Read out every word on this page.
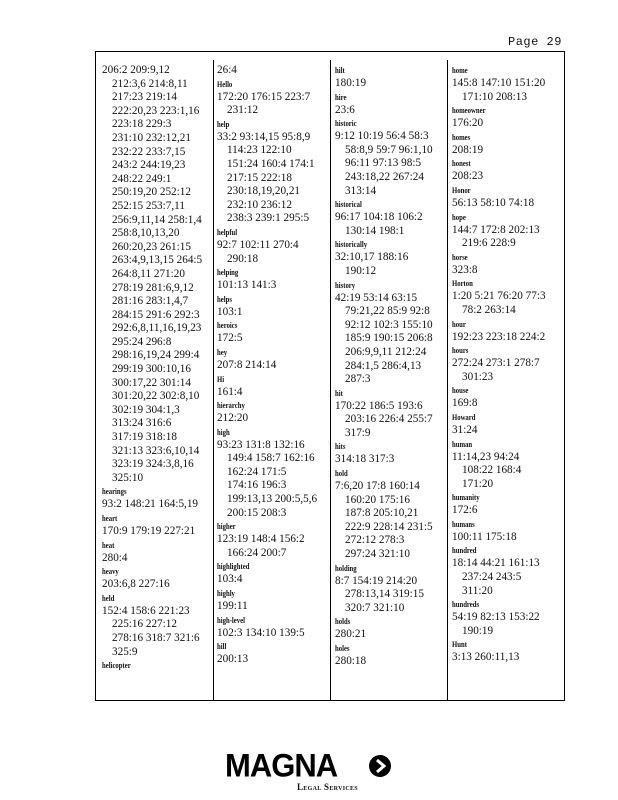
Page 29
206:2 209:9,12
212:3,6 214:8,11
217:23 219:14
222:20,23 223:1,16
223:18 229:3
231:10 232:12,21
232:22 233:7,15
243:2 244:19,23
248:22 249:1
250:19,20 252:12
252:15 253:7,11
256:9,11,14 258:1,4
258:8,10,13,20
260:20,23 261:15
263:4,9,13,15 264:5
264:8,11 271:20
278:19 281:6,9,12
281:16 283:1,4,7
284:15 291:6 292:3
292:6,8,11,16,19,23
295:24 296:8
298:16,19,24 299:4
299:19 300:10,16
300:17,22 301:14
301:20,22 302:8,10
302:19 304:1,3
313:24 316:6
317:19 318:18
321:13 323:6,10,14
323:19 324:3,8,16
325:10
hearings
93:2 148:21 164:5,19
heart
170:9 179:19 227:21
heat
280:4
heavy
203:6,8 227:16
held
152:4 158:6 221:23
225:16 227:12
278:16 318:7 321:6
325:9
helicopter
26:4
Hello
172:20 176:15 223:7
231:12
help
33:2 93:14,15 95:8,9
114:23 122:10
151:24 160:4 174:1
217:15 222:18
230:18,19,20,21
232:10 236:12
238:3 239:1 295:5
helpful
92:7 102:11 270:4
290:18
helping
101:13 141:3
helps
103:1
heroics
172:5
hey
207:8 214:14
Hi
161:4
hierarchy
212:20
high
93:23 131:8 132:16
149:4 158:7 162:16
162:24 171:5
174:16 196:3
199:13,13 200:5,5,6
200:15 208:3
higher
123:19 148:4 156:2
166:24 200:7
highlighted
103:4
highly
199:11
high-level
102:3 134:10 139:5
hill
200:13
hilt
180:19
hire
23:6
historic
9:12 10:19 56:4 58:3
58:8,9 59:7 96:1,10
96:11 97:13 98:5
243:18,22 267:24
313:14
historical
96:17 104:18 106:2
130:14 198:1
historically
32:10,17 188:16
190:12
history
42:19 53:14 63:15
79:21,22 85:9 92:8
92:12 102:3 155:10
185:9 190:15 206:8
206:9,9,11 212:24
284:1,5 286:4,13
287:3
hit
170:22 186:5 193:6
203:16 226:4 255:7
317:9
hits
314:18 317:3
hold
7:6,20 17:8 160:14
160:20 175:16
187:8 205:10,21
222:9 228:14 231:5
272:12 278:3
297:24 321:10
holding
8:7 154:19 214:20
278:13,14 319:15
320:7 321:10
holds
280:21
holes
280:18
home
145:8 147:10 151:20
171:10 208:13
homeowner
176:20
homes
208:19
honest
208:23
Honor
56:13 58:10 74:18
hope
144:7 172:8 202:13
219:6 228:9
horse
323:8
Horton
1:20 5:21 76:20 77:3
78:2 263:14
hour
192:23 223:18 224:2
hours
272:24 273:1 278:7
301:23
house
169:8
Howard
31:24
human
11:14,23 94:24
108:22 168:4
171:20
humanity
172:6
humans
100:11 175:18
hundred
18:14 44:21 161:13
237:24 243:5
311:20
hundreds
54:19 82:13 153:22
190:19
Hunt
3:13 260:11,13
MAGNA
Legal Services
